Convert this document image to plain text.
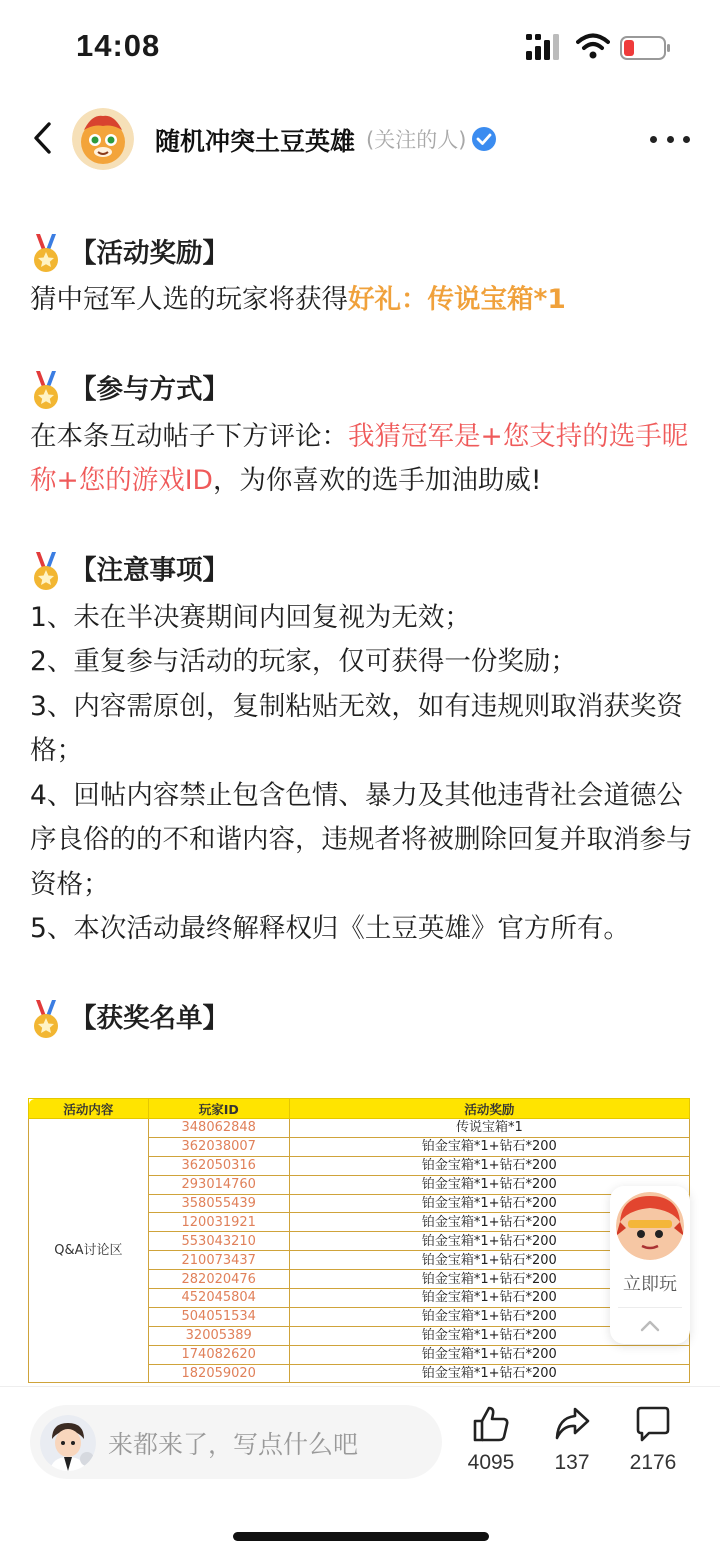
14:08
随机冲突土豆英雄 (关注的人)
【活动奖励】
猜中冠军人选的玩家将获得好礼：传说宝箱*1
【参与方式】
在本条互动帖子下方评论：我猜冠军是+您支持的选手昵称+您的游戏ID，为你喜欢的选手加油助威!
【注意事项】
1、未在半决赛期间内回复视为无效；
2、重复参与活动的玩家，仅可获得一份奖励；
3、内容需原创，复制粘贴无效，如有违规则取消获奖资格；
4、回帖内容禁止包含色情、暴力及其他违背社会道德公序良俗的的不和谐内容，违规者将被删除回复并取消参与资格；
5、本次活动最终解释权归《土豆英雄》官方所有。
【获奖名单】
活动内容	玩家ID	活动奖励
Q&A讨论区	348062848	传说宝箱*1
	362038007	铂金宝箱*1+钻石*200
	362050316	铂金宝箱*1+钻石*200
	293014760	铂金宝箱*1+钻石*200
	358055439	铂金宝箱*1+钻石*200
	120031921	铂金宝箱*1+钻石*200
	553043210	铂金宝箱*1+钻石*200
	210073437	铂金宝箱*1+钻石*200
	282020476	铂金宝箱*1+钻石*200
	452045804	铂金宝箱*1+钻石*200
	504051534	铂金宝箱*1+钻石*200
	32005389	铂金宝箱*1+钻石*200
	174082620	铂金宝箱*1+钻石*200
	182059020	铂金宝箱*1+钻石*200
立即玩
来都来了，写点什么吧
4095	137	2176
